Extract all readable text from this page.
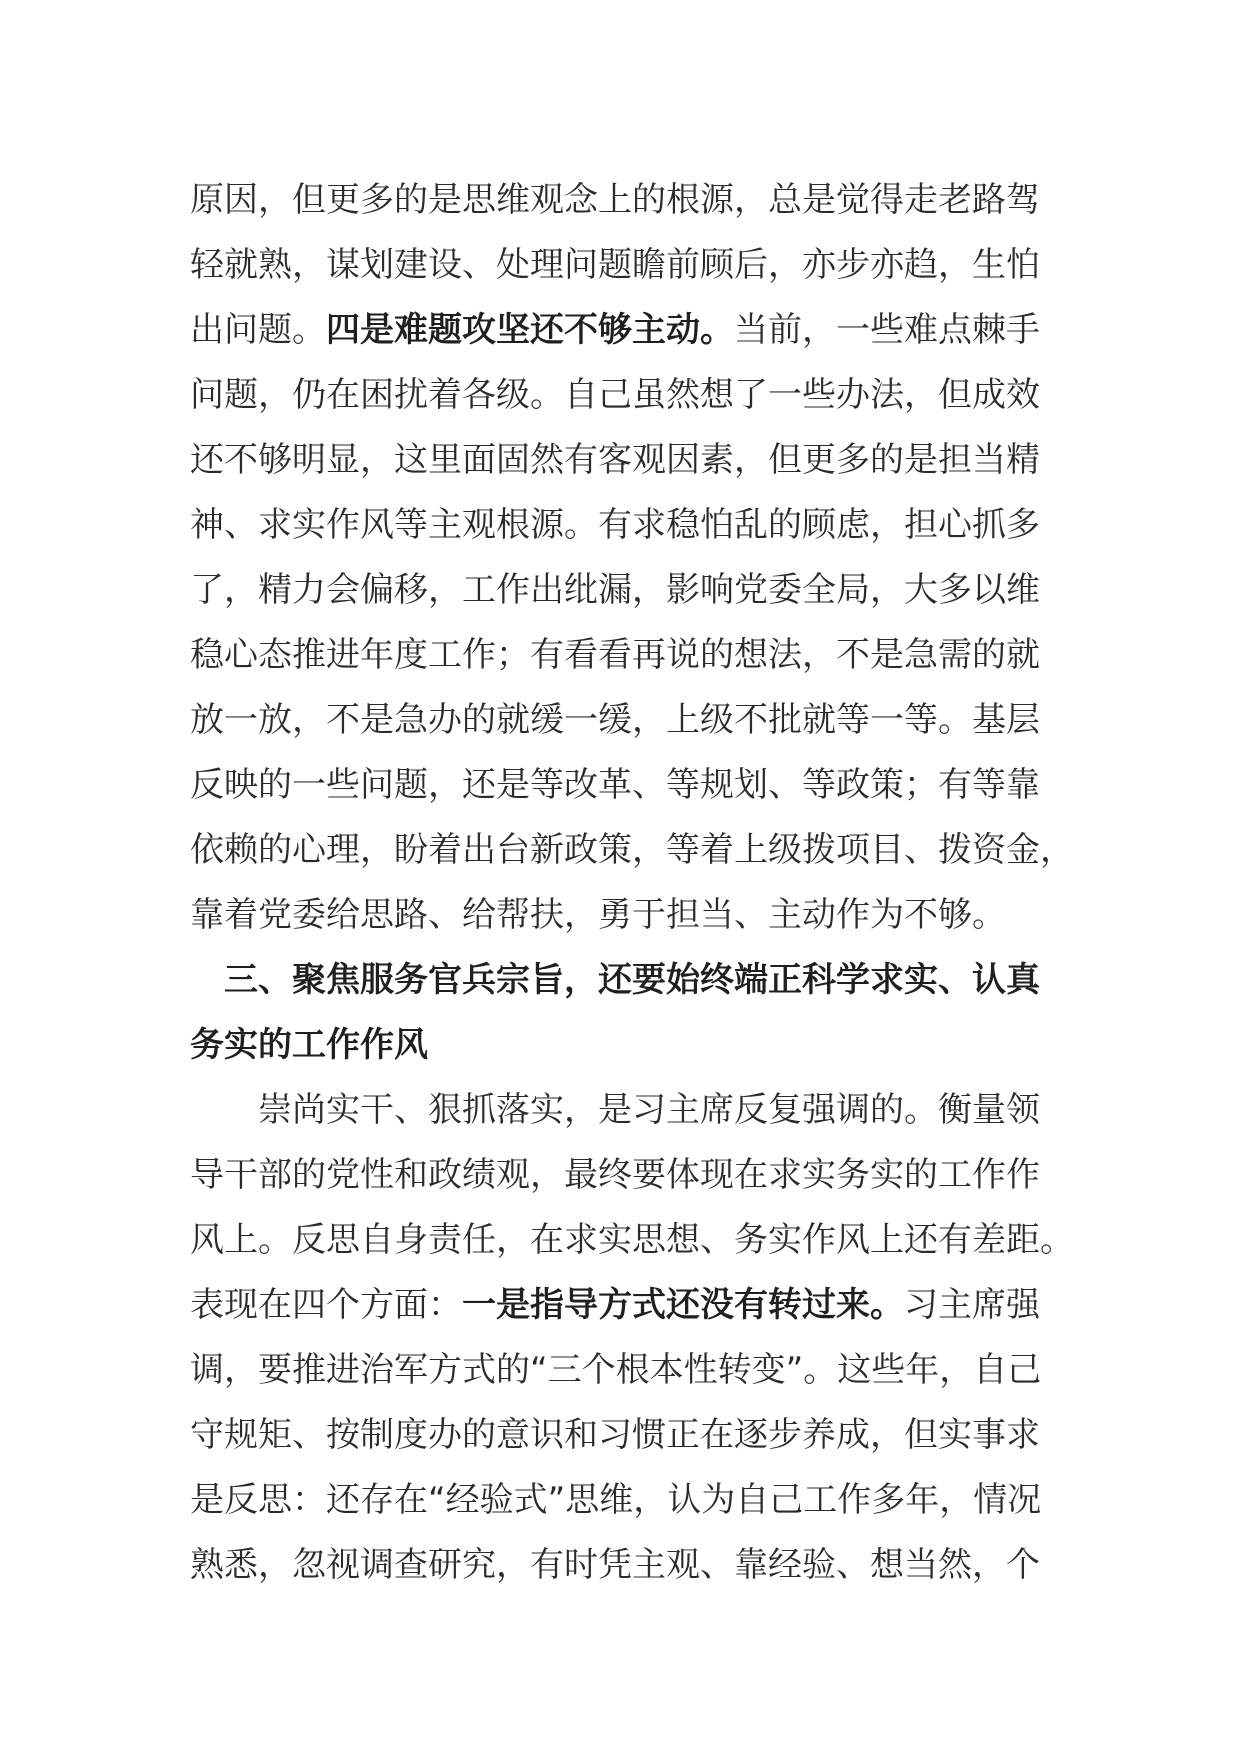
原因，但更多的是思维观念上的根源，总是觉得走老路驾
轻就熟，谋划建设、处理问题瞻前顾后，亦步亦趋，生怕
出问题。四是难题攻坚还不够主动。当前，一些难点棘手
问题，仍在困扰着各级。自己虽然想了一些办法，但成效
还不够明显，这里面固然有客观因素，但更多的是担当精
神、求实作风等主观根源。有求稳怕乱的顾虑，担心抓多
了，精力会偏移，工作出纰漏，影响党委全局，大多以维
稳心态推进年度工作；有看看再说的想法，不是急需的就
放一放，不是急办的就缓一缓，上级不批就等一等。基层
反映的一些问题，还是等改革、等规划、等政策；有等靠
依赖的心理，盼着出台新政策，等着上级拨项目、拨资金，
靠着党委给思路、给帮扶，勇于担当、主动作为不够。
三、聚焦服务官兵宗旨，还要始终端正科学求实、认真
务实的工作作风
崇尚实干、狠抓落实，是习主席反复强调的。衡量领
导干部的党性和政绩观，最终要体现在求实务实的工作作
风上。反思自身责任，在求实思想、务实作风上还有差距。
表现在四个方面：一是指导方式还没有转过来。习主席强
调，要推进治军方式的“三个根本性转变”。这些年，自己
守规矩、按制度办的意识和习惯正在逐步养成，但实事求
是反思：还存在“经验式”思维，认为自己工作多年，情况
熟悉，忽视调查研究，有时凭主观、靠经验、想当然，个
